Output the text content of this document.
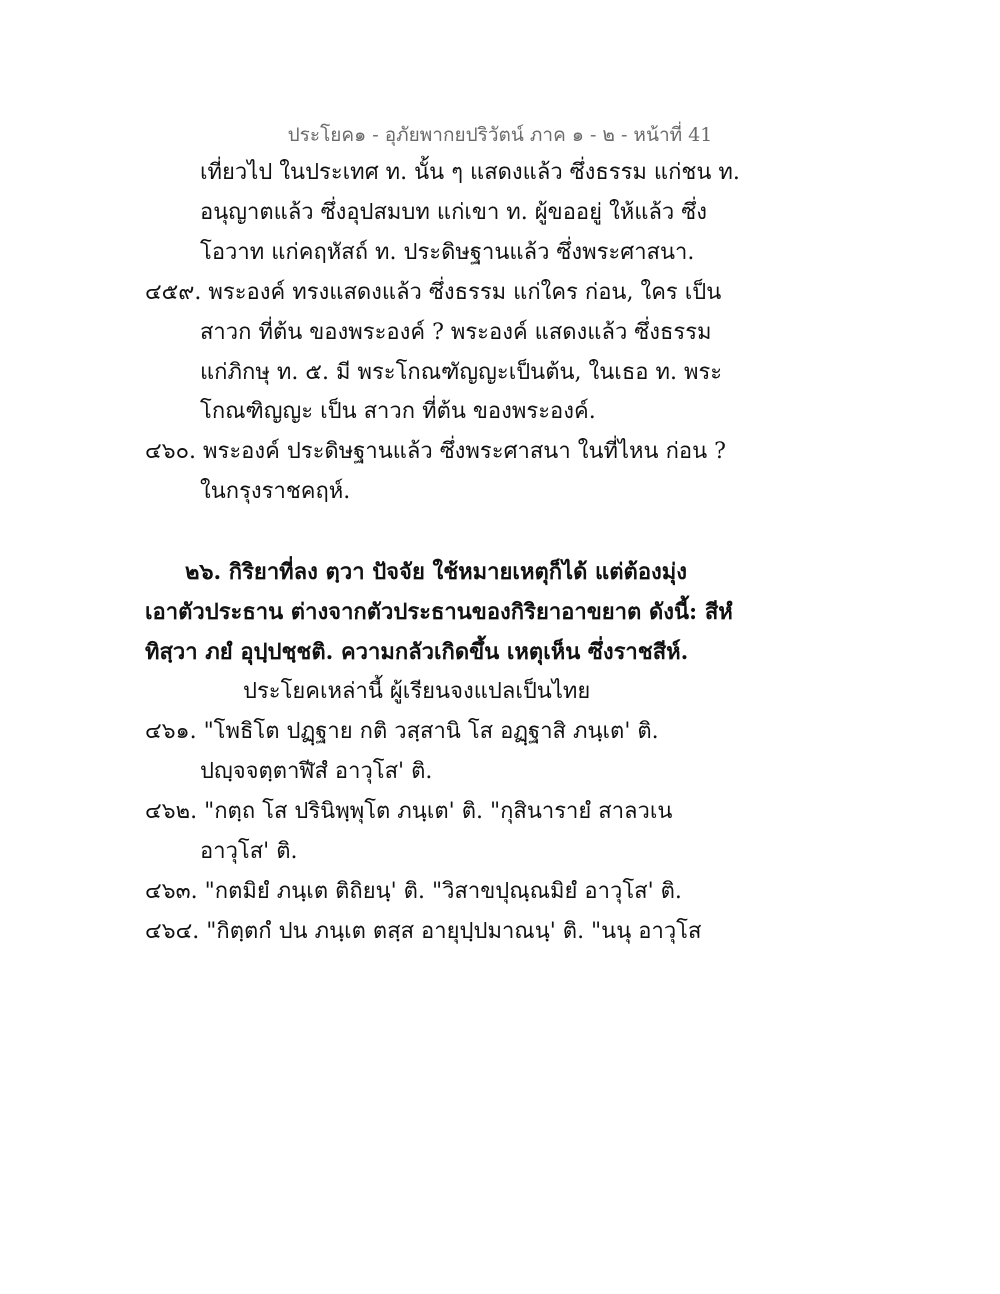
ประโยค๑ - อุภัยพากยปริวัตน์ ภาค ๑ - ๒ - หน้าที่ 41
เที่ยวไป ในประเทศ ท. นั้น ๆ แสดงแล้ว ซึ่งธรรม แก่ชน ท.
อนุญาตแล้ว ซึ่งอุปสมบท แก่เขา ท. ผู้ขออยู่ ให้แล้ว ซึ่ง
โอวาท แก่คฤหัสถ์ ท. ประดิษฐานแล้ว ซึ่งพระศาสนา.
๔๕๙. พระองค์ ทรงแสดงแล้ว ซึ่งธรรม แก่ใคร ก่อน, ใคร เป็น
สาวก ที่ต้น ของพระองค์ ? พระองค์ แสดงแล้ว ซึ่งธรรม
แก่ภิกษุ ท. ๕. มี พระโกณฑัญญะเป็นต้น, ในเธอ ท. พระ
โกณฑิญญะ เป็น สาวก ที่ต้น ของพระองค์.
๔๖๐. พระองค์ ประดิษฐานแล้ว ซึ่งพระศาสนา ในที่ไหน ก่อน ?
ในกรุงราชคฤห์.
๒๖. กิริยาที่ลง ตฺวา ปัจจัย ใช้หมายเหตุก็ได้ แต่ต้องมุ่ง
เอาตัวประธาน ต่างจากตัวประธานของกิริยาอาขยาต ดังนี้: สีหํ
ทิสฺวา ภยํ อุปฺปชฺชติ. ความกลัวเกิดขึ้น เหตุเห็น ซึ่งราชสีห์.
ประโยคเหล่านี้ ผู้เรียนจงแปลเป็นไทย
๔๖๑. "โพธิโต ปฏฺฐาย กติ วสฺสานิ โส อฏฺฐาสิ ภนฺเต' ติ.
ปญฺจจตฺตาฬีสํ อาวุโส' ติ.
๔๖๒. "กตฺถ โส ปรินิพฺพุโต ภนฺเต' ติ. "กุสินารายํ สาลวเน
อาวุโส' ติ.
๔๖๓. "กตมิยํ ภนฺเต ติถิยนฺ' ติ. "วิสาขปุณฺณมิยํ อาวุโส' ติ.
๔๖๔. "กิตฺตกํ ปน ภนฺเต ตสฺส อายุปฺปมาณนฺ' ติ. "นนุ อาวุโส
